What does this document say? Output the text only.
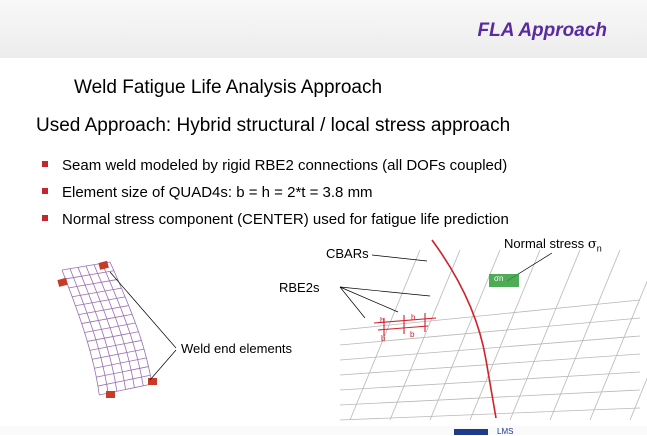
FLA Approach
Weld Fatigue Life Analysis Approach
Used Approach: Hybrid structural / local stress approach
Seam weld modeled by rigid RBE2 connections (all DOFs coupled)
Element size of QUAD4s: b = h = 2*t = 3.8 mm
Normal stress component (CENTER) used for fatigue life prediction
Weld end elements
CBARs
RBE2s
Normal stress $\sigma_n$
σn
h	h
b	b
LMS
